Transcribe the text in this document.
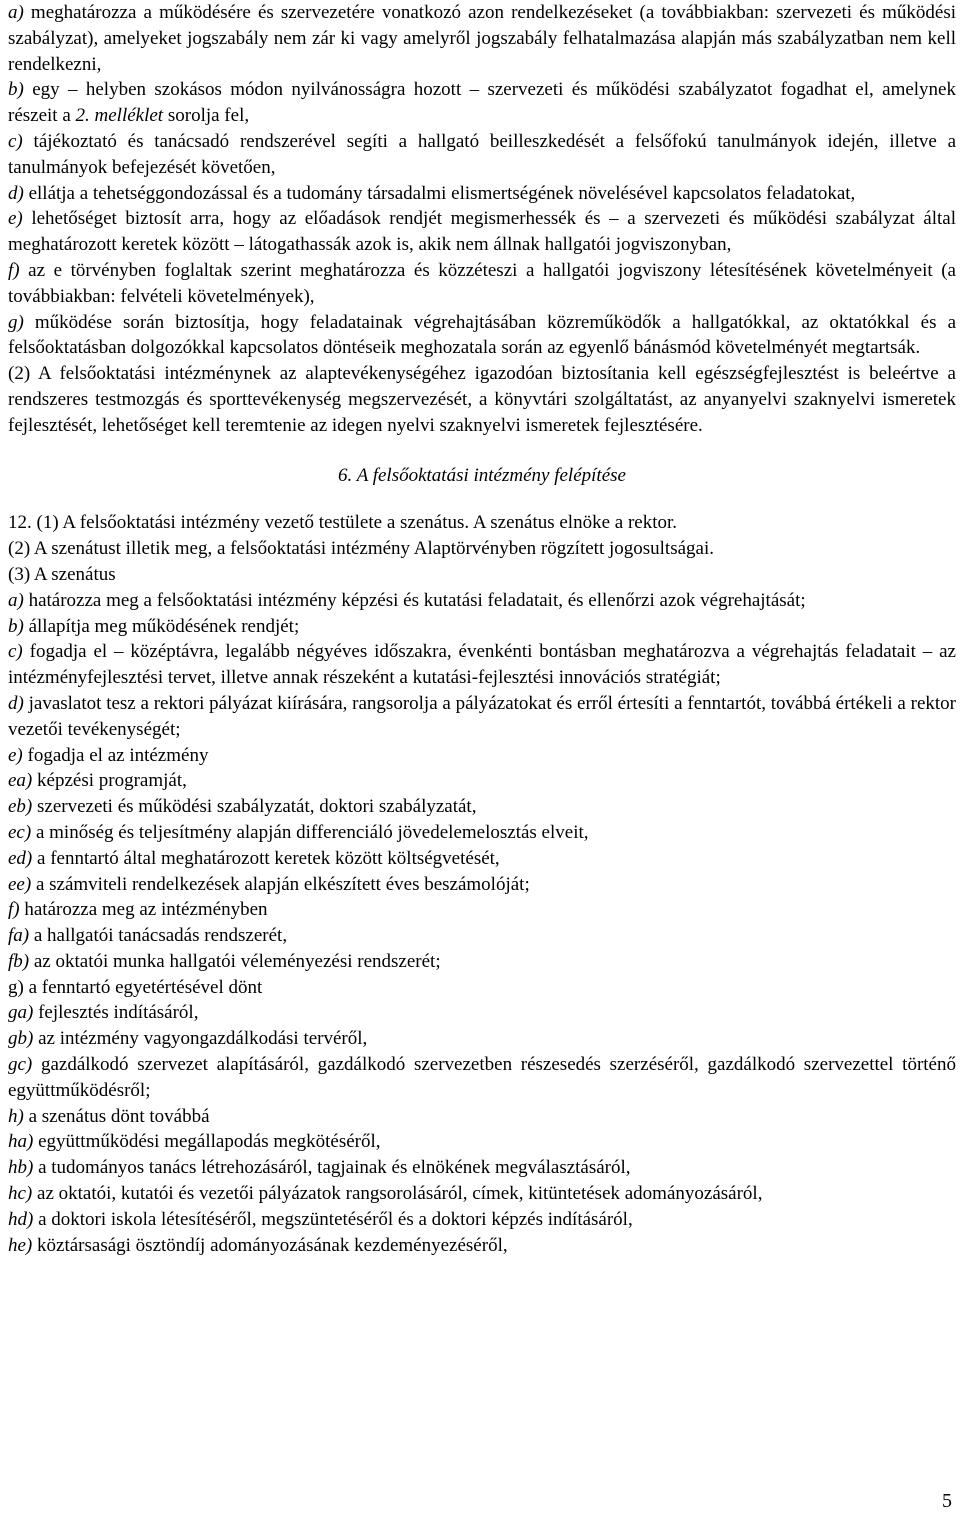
a) meghatározza a működésére és szervezetére vonatkozó azon rendelkezéseket (a továbbiakban: szervezeti és működési szabályzat), amelyeket jogszabály nem zár ki vagy amelyről jogszabály felhatalmazása alapján más szabályzatban nem kell rendelkezni,

b) egy – helyben szokásos módon nyilvánosságra hozott – szervezeti és működési szabályzatot fogadhat el, amelynek részeit a 2. melléklet sorolja fel,

c) tájékoztató és tanácsadó rendszerével segíti a hallgató beilleszkedését a felsőfokú tanulmányok idején, illetve a tanulmányok befejezését követően,

d) ellátja a tehetséggondozással és a tudomány társadalmi elismertségének növelésével kapcsolatos feladatokat,

e) lehetőséget biztosít arra, hogy az előadások rendjét megismerhessék és – a szervezeti és működési szabályzat által meghatározott keretek között – látogathassák azok is, akik nem állnak hallgatói jogviszonyban,

f) az e törvényben foglaltak szerint meghatározza és közzéteszi a hallgatói jogviszony létesítésének követelményeit (a továbbiakban: felvételi követelmények),

g) működése során biztosítja, hogy feladatainak végrehajtásában közreműködők a hallgatókkal, az oktatókkal és a felsőoktatásban dolgozókkal kapcsolatos döntéseik meghozatala során az egyenlő bánásmód követelményét megtartsák.

(2) A felsőoktatási intézménynek az alaptevékenységéhez igazodóan biztosítania kell egészségfejlesztést is beleértve a rendszeres testmozgás és sporttevékenység megszervezését, a könyvtári szolgáltatást, az anyanyelvi szaknyelvi ismeretek fejlesztését, lehetőséget kell teremtenie az idegen nyelvi szaknyelvi ismeretek fejlesztésére.

6. A felsőoktatási intézmény felépítése

12. (1) A felsőoktatási intézmény vezető testülete a szenátus. A szenátus elnöke a rektor.

(2) A szenátust illetik meg, a felsőoktatási intézmény Alaptörvényben rögzített jogosultságai.

(3) A szenátus

a) határozza meg a felsőoktatási intézmény képzési és kutatási feladatait, és ellenőrzi azok végrehajtását;

b) állapítja meg működésének rendjét;

c) fogadja el – középtávra, legalább négyéves időszakra, évenkénti bontásban meghatározva a végrehajtás feladatait – az intézményfejlesztési tervet, illetve annak részeként a kutatási-fejlesztési innovációs stratégiát;

d) javaslatot tesz a rektori pályázat kiírására, rangsorolja a pályázatokat és erről értesíti a fenntartót, továbbá értékeli a rektor vezetői tevékenységét;

e) fogadja el az intézmény

ea) képzési programját,

eb) szervezeti és működési szabályzatát, doktori szabályzatát,

ec) a minőség és teljesítmény alapján differenciáló jövedelemelosztás elveit,

ed) a fenntartó által meghatározott keretek között költségvetését,

ee) a számviteli rendelkezések alapján elkészített éves beszámolóját;

f) határozza meg az intézményben

fa) a hallgatói tanácsadás rendszerét,

fb) az oktatói munka hallgatói véleményezési rendszerét;

g) a fenntartó egyetértésével dönt

ga) fejlesztés indításáról,

gb) az intézmény vagyongazdálkodási tervéről,

gc) gazdálkodó szervezet alapításáról, gazdálkodó szervezetben részesedés szerzéséről, gazdálkodó szervezettel történő együttműködésről;

h) a szenátus dönt továbbá

ha) együttműködési megállapodás megkötéséről,

hb) a tudományos tanács létrehozásáról, tagjainak és elnökének megválasztásáról,

hc) az oktatói, kutatói és vezetői pályázatok rangsorolásáról, címek, kitüntetések adományozásáról,

hd) a doktori iskola létesítéséről, megszüntetéséről és a doktori képzés indításáról,

he) köztársasági ösztöndíj adományozásának kezdeményezéséről,

5
